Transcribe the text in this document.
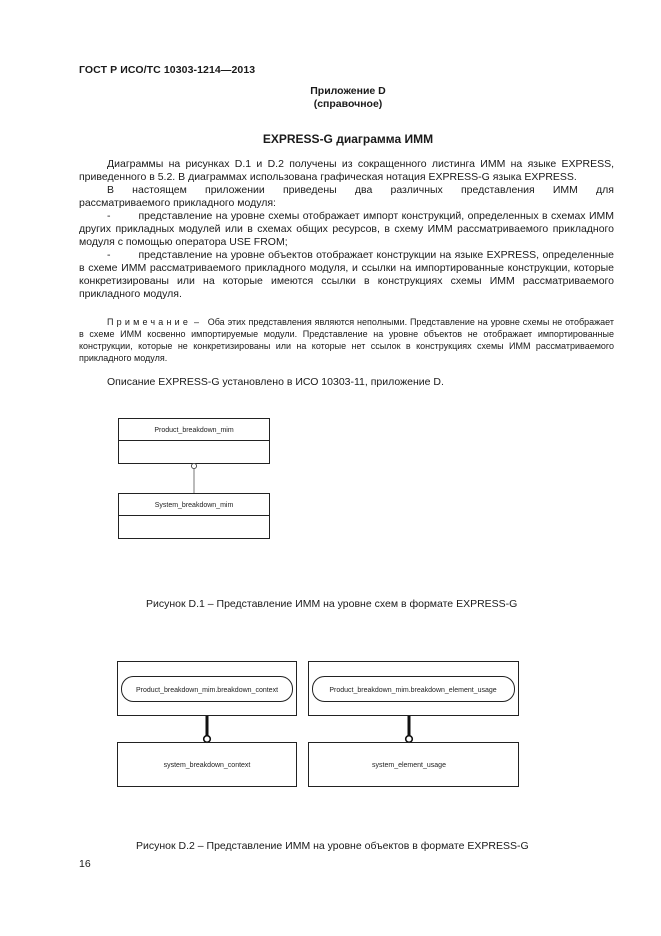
ГОСТ Р ИСО/ТС 10303-1214—2013
Приложение D
(справочное)
EXPRESS-G диаграмма ИММ

Диаграммы на рисунках D.1 и D.2 получены из сокращенного листинга ИММ на языке EXPRESS, приведенного в 5.2. В диаграммах использована графическая нотация EXPRESS-G языка EXPRESS.

В настоящем приложении приведены два различных представления ИММ для

рассматриваемого прикладного модуля:

-	представление на уровне схемы отображает импорт конструкций, определенных в схемах ИММ других прикладных модулей или в схемах общих ресурсов, в схему ИММ рассматриваемого прикладного модуля с помощью оператора USE FROM;

-	представление на уровне объектов отображает конструкции на языке EXPRESS, определенные в схеме ИММ рассматриваемого прикладного модуля, и ссылки на импортированные конструкции, которые конкретизированы или на которые имеются ссылки в конструкциях схемы ИММ рассматриваемого прикладного модуля.

Примечание – Оба этих представления являются неполными. Представление на уровне схемы не отображает в схеме ИММ косвенно импортируемые модули. Представление на уровне объектов не отображает импортированные конструкции, которые не конкретизированы или на которые нет ссылок в конструкциях схемы ИММ рассматриваемого прикладного модуля.

Описание EXPRESS-G установлено в ИСО 10303-11, приложение D.
Product_breakdown_mim
System_breakdown_mim
Product_breakdown_mim.breakdown_context
system_breakdown_context
Product_breakdown_mim.breakdown_element_usage
system_element_usage
Рисунок D.1 – Представление ИММ на уровне схем в формате EXPRESS-G
Рисунок D.2 – Представление ИММ на уровне объектов в формате EXPRESS-G
16
